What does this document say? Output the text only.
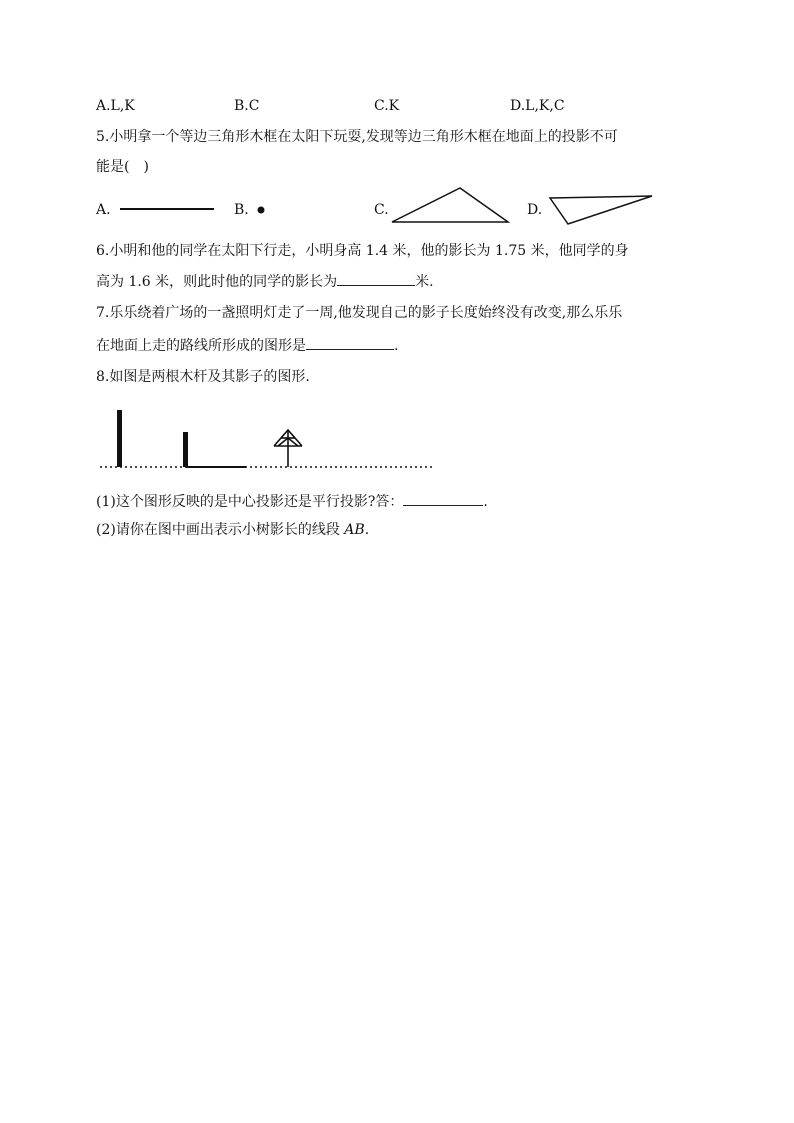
A.L,K	B.C	C.K	D.L,K,C
5.小明拿一个等边三角形木框在太阳下玩耍,发现等边三角形木框在地面上的投影不可
能是(　)
A.	B.	C.	D.
6.小明和他的同学在太阳下行走，小明身高 1.4 米，他的影长为 1.75 米，他同学的身
高为 1.6 米，则此时他的同学的影长为	米.
7.乐乐绕着广场的一盏照明灯走了一周,他发现自己的影子长度始终没有改变,那么乐乐
在地面上走的路线所形成的图形是	.
8.如图是两根木杆及其影子的图形.
(1)这个图形反映的是中心投影还是平行投影?答：	.
(2)请你在图中画出表示小树影长的线段 AB.
